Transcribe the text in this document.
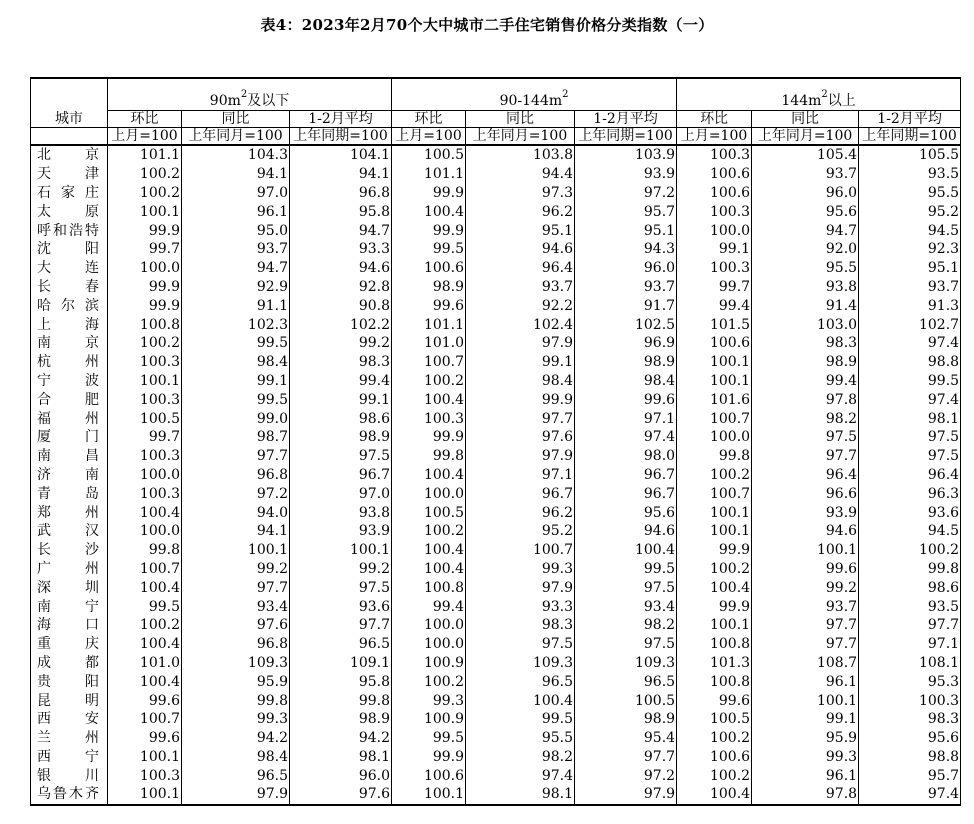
表4：2023年2月70个大中城市二手住宅销售价格分类指数（一）
城市	$90m^2$及以下			$90-144m^2$			$144m^2$以上		
	环比	同比	1-2月平均	环比	同比	1-2月平均	环比	同比	1-2月平均
	上月=100	上年同月=100	上年同期=100	上月=100	上年同月=100	上年同期=100	上月=100	上年同月=100	上年同期=100
北京	101.1	104.3	104.1	100.5	103.8	103.9	100.3	105.4	105.5
天津	100.2	94.1	94.1	101.1	94.4	93.9	100.6	93.7	93.5
石家庄	100.2	97.0	96.8	99.9	97.3	97.2	100.6	96.0	95.5
太原	100.1	96.1	95.8	100.4	96.2	95.7	100.3	95.6	95.2
呼和浩特	99.9	95.0	94.7	99.9	95.1	95.1	100.0	94.7	94.5
沈阳	99.7	93.7	93.3	99.5	94.6	94.3	99.1	92.0	92.3
大连	100.0	94.7	94.6	100.6	96.4	96.0	100.3	95.5	95.1
长春	99.9	92.9	92.8	98.9	93.7	93.7	99.7	93.8	93.7
哈尔滨	99.9	91.1	90.8	99.6	92.2	91.7	99.4	91.4	91.3
上海	100.8	102.3	102.2	101.1	102.4	102.5	101.5	103.0	102.7
南京	100.2	99.5	99.2	101.0	97.9	96.9	100.6	98.3	97.4
杭州	100.3	98.4	98.3	100.7	99.1	98.9	100.1	98.9	98.8
宁波	100.1	99.1	99.4	100.2	98.4	98.4	100.1	99.4	99.5
合肥	100.3	99.5	99.1	100.4	99.9	99.6	101.6	97.8	97.4
福州	100.5	99.0	98.6	100.3	97.7	97.1	100.7	98.2	98.1
厦门	99.7	98.7	98.9	99.9	97.6	97.4	100.0	97.5	97.5
南昌	100.3	97.7	97.5	99.8	97.9	98.0	99.8	97.7	97.5
济南	100.0	96.8	96.7	100.4	97.1	96.7	100.2	96.4	96.4
青岛	100.3	97.2	97.0	100.0	96.7	96.7	100.7	96.6	96.3
郑州	100.4	94.0	93.8	100.5	96.2	95.6	100.1	93.9	93.6
武汉	100.0	94.1	93.9	100.2	95.2	94.6	100.1	94.6	94.5
长沙	99.8	100.1	100.1	100.4	100.7	100.4	99.9	100.1	100.2
广州	100.7	99.2	99.2	100.4	99.3	99.5	100.2	99.6	99.8
深圳	100.4	97.7	97.5	100.8	97.9	97.5	100.4	99.2	98.6
南宁	99.5	93.4	93.6	99.4	93.3	93.4	99.9	93.7	93.5
海口	100.2	97.6	97.7	100.0	98.3	98.2	100.1	97.7	97.7
重庆	100.4	96.8	96.5	100.0	97.5	97.5	100.8	97.7	97.1
成都	101.0	109.3	109.1	100.9	109.3	109.3	101.3	108.7	108.1
贵阳	100.4	95.9	95.8	100.2	96.5	96.5	100.8	96.1	95.3
昆明	99.6	99.8	99.8	99.3	100.4	100.5	99.6	100.1	100.3
西安	100.7	99.3	98.9	100.9	99.5	98.9	100.5	99.1	98.3
兰州	99.6	94.2	94.2	99.5	95.5	95.4	100.2	95.9	95.6
西宁	100.1	98.4	98.1	99.9	98.2	97.7	100.6	99.3	98.8
银川	100.3	96.5	96.0	100.6	97.4	97.2	100.2	96.1	95.7
乌鲁木齐	100.1	97.9	97.6	100.1	98.1	97.9	100.4	97.8	97.4
